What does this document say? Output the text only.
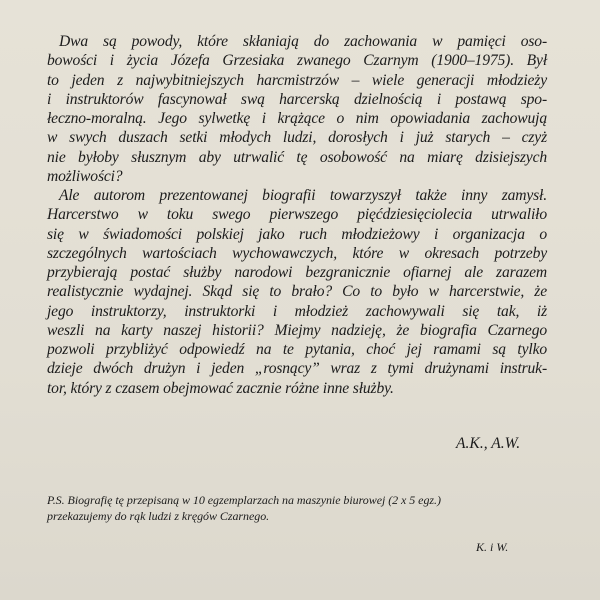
Dwa są powody, które skłaniają do zachowania w pamięci oso-
bowości i życia Józefa Grzesiaka zwanego Czarnym (1900–1975). Był
to jeden z najwybitniejszych harcmistrzów – wiele generacji młodzieży
i instruktorów fascynował swą harcerską dzielnością i postawą spo-
łeczno-moralną. Jego sylwetkę i krążące o nim opowiadania zachowują
w swych duszach setki młodych ludzi, dorosłych i już starych – czyż
nie byłoby słusznym aby utrwalić tę osobowość na miarę dzisiejszych
możliwości?
Ale autorom prezentowanej biografii towarzyszył także inny zamysł.
Harcerstwo w toku swego pierwszego pięćdziesięciolecia utrwaliło
się w świadomości polskiej jako ruch młodzieżowy i organizacja o
szczególnych wartościach wychowawczych, które w okresach potrzeby
przybierają postać służby narodowi bezgranicznie ofiarnej ale zarazem
realistycznie wydajnej. Skąd się to brało? Co to było w harcerstwie, że
jego instruktorzy, instruktorki i młodzież zachowywali się tak, iż
weszli na karty naszej historii? Miejmy nadzieję, że biografia Czarnego
pozwoli przybliżyć odpowiedź na te pytania, choć jej ramami są tylko
dzieje dwóch drużyn i jeden „rosnący” wraz z tymi drużynami instruk-
tor, który z czasem obejmować zacznie różne inne służby.
A.K., A.W.
P.S. Biografię tę przepisaną w 10 egzemplarzach na maszynie biurowej (2 x 5 egz.)
przekazujemy do rąk ludzi z kręgów Czarnego.
K. i W.
